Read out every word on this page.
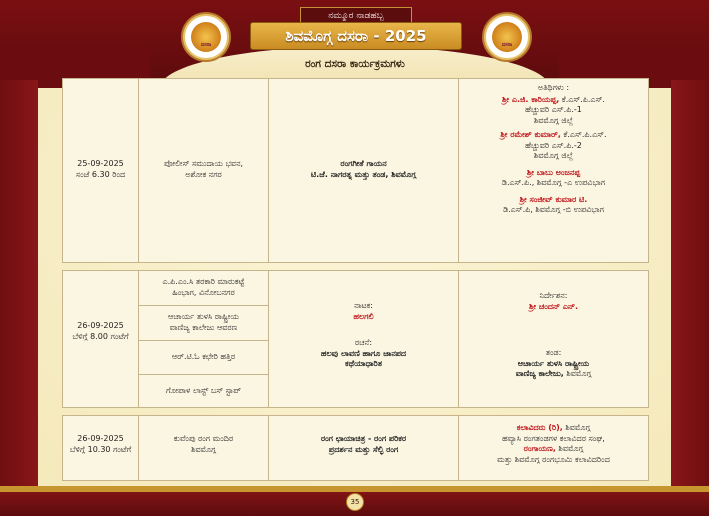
ನಮ್ಮೂರ ನಾಡಹಬ್ಬ
ಶಿವಮೊಗ್ಗ ದಸರಾ - 2025
ದಸರಾ	ದಸರಾ
ರಂಗ ದಸರಾ ಕಾರ್ಯಕ್ರಮಗಳು
25-09-2025
ಸಂಜೆ 6.30 ರಿಂದ
ಪೋಲೀಸ್ ಸಮುದಾಯ ಭವನ,
ಅಶೋಕ ನಗರ
ರಂಗಗೀತೆ ಗಾಯನ
ಟಿ.ಜೆ. ನಾಗರತ್ನ ಮತ್ತು ತಂಡ, ಶಿವಮೊಗ್ಗ
ಅತಿಥಿಗಳು :
ಶ್ರೀ ಎ.ಜಿ. ಕಾರಿಯಪ್ಪ, ಕೆ.ಎಸ್.ಪಿ.ಎಸ್.
ಹೆಚ್ಚುವರಿ ಎಸ್.ಪಿ.-1
ಶಿವಮೊಗ್ಗ ಜಿಲ್ಲೆ
ಶ್ರೀ ರಮೇಶ್ ಕುಮಾರ್, ಕೆ.ಎಸ್.ಪಿ.ಎಸ್.
ಹೆಚ್ಚುವರಿ ಎಸ್.ಪಿ.-2
ಶಿವಮೊಗ್ಗ ಜಿಲ್ಲೆ
ಶ್ರೀ ಬಾಬು ಅಂಜನಪ್ಪ
ಡಿ.ಎಸ್.ಪಿ., ಶಿವಮೊಗ್ಗ -ಎ ಉಪವಿಭಾಗ
ಶ್ರೀ ಸಂಜೀವ್ ಕುಮಾರ ಟಿ.
ಡಿ.ಎಸ್.ಪಿ, ಶಿವಮೊಗ್ಗ -ಬಿ ಉಪವಿಭಾಗ
26-09-2025
ಬೆಳಿಗ್ಗೆ 8.00 ಗಂಟೆಗೆ
ಎ.ಪಿ.ಎಂ.ಸಿ ತರಕಾರಿ ಮಾರುಕಟ್ಟೆ
ಹಿಂಭಾಗ, ವಿನೋಬನಗರ
ಆಚಾರ್ಯ ತುಳಸಿ ರಾಷ್ಟ್ರೀಯ
ವಾಣಿಜ್ಯ ಕಾಲೇಜು ಆವರಣ
ಆರ್.ಟಿ.ಓ ಕಛೇರಿ ಹತ್ತಿರ
ಗೋಪಾಳ ಲಾಸ್ಟ್ ಬಸ್ ಸ್ಟಾಪ್
ನಾಟಕ:
ಹಲಗಲಿ
ರಚನೆ:
ಹಲವು ಲಾವಣಿ ಹಾಗೂ ಜಾನಪದ
ಕಥೆಯಾಧಾರಿತ
ನಿರ್ದೇಶನ:
ಶ್ರೀ ಚಂದನ್ ಎನ್.
ತಂಡ:
ಆಚಾರ್ಯ ತುಳಸಿ ರಾಷ್ಟ್ರೀಯ
ವಾಣಿಜ್ಯ ಕಾಲೇಜು, ಶಿವಮೊಗ್ಗ
26-09-2025
ಬೆಳಿಗ್ಗೆ 10.30 ಗಂಟೆಗೆ
ಕುವೆಂಪು ರಂಗ ಮಂದಿರ
ಶಿವಮೊಗ್ಗ
ರಂಗ ಛಾಯಾಚಿತ್ರ - ರಂಗ ಪರಿಕರ
ಪ್ರದರ್ಶನ ಮತ್ತು ಸೆಲ್ಫಿ ರಂಗ
ಕಲಾವಿದರು (ರಿ), ಶಿವಮೊಗ್ಗ
ಹವ್ಯಾಸಿ ರಂಗತಂಡಗಳ ಕಲಾವಿದರ ಸಂಘ,
ರಂಗಾಯಣ, ಶಿವಮೊಗ್ಗ
ಮತ್ತು ಶಿವಮೊಗ್ಗ ರಂಗಭೂಮಿ ಕಲಾವಿದರಿಂದ
35
